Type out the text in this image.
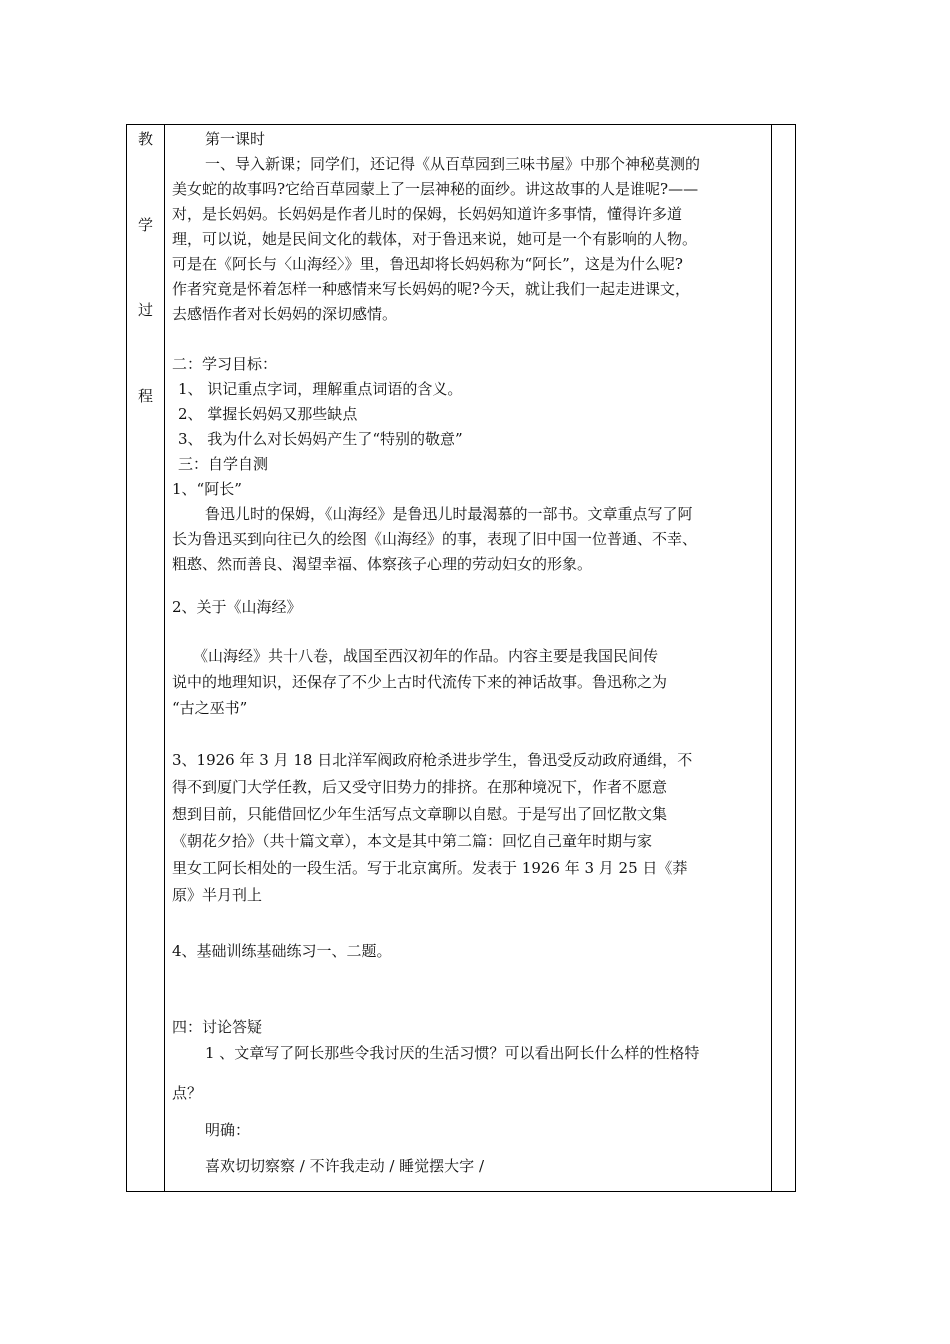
教
学
过
程
第一课时
一、导入新课；同学们，还记得《从百草园到三味书屋》中那个神秘莫测的
美女蛇的故事吗?它给百草园蒙上了一层神秘的面纱。讲这故事的人是谁呢?——
对，是长妈妈。长妈妈是作者儿时的保姆，长妈妈知道许多事情，懂得许多道
理，可以说，她是民间文化的载体，对于鲁迅来说，她可是一个有影响的人物。
可是在《阿长与〈山海经〉》里，鲁迅却将长妈妈称为“阿长”，这是为什么呢?
作者究竟是怀着怎样一种感情来写长妈妈的呢?今天，就让我们一起走进课文，
去感悟作者对长妈妈的深切感情。
二：学习目标：
1、 识记重点字词，理解重点词语的含义。
2、 掌握长妈妈又那些缺点
3、 我为什么对长妈妈产生了“特别的敬意”
三：自学自测
1、“阿长”
鲁迅儿时的保姆，《山海经》是鲁迅儿时最渴慕的一部书。文章重点写了阿
长为鲁迅买到向往已久的绘图《山海经》的事，表现了旧中国一位普通、不幸、
粗憨、然而善良、渴望幸福、体察孩子心理的劳动妇女的形象。
2、关于《山海经》
《山海经》共十八卷，战国至西汉初年的作品。内容主要是我国民间传
说中的地理知识，还保存了不少上古时代流传下来的神话故事。鲁迅称之为
“古之巫书”
3、1926 年 3 月 18 日北洋军阀政府枪杀进步学生，鲁迅受反动政府通缉，不
得不到厦门大学任教，后又受守旧势力的排挤。在那种境况下，作者不愿意
想到目前，只能借回忆少年生活写点文章聊以自慰。于是写出了回忆散文集
《朝花夕拾》（共十篇文章），本文是其中第二篇：回忆自己童年时期与家
里女工阿长相处的一段生活。写于北京寓所。发表于 1926 年 3 月 25 日《莽
原》半月刊上
4、基础训练基础练习一、二题。
四：讨论答疑
1 、文章写了阿长那些令我讨厌的生活习惯？可以看出阿长什么样的性格特
点？
明确：
喜欢切切察察 / 不许我走动 / 睡觉摆大字 /
